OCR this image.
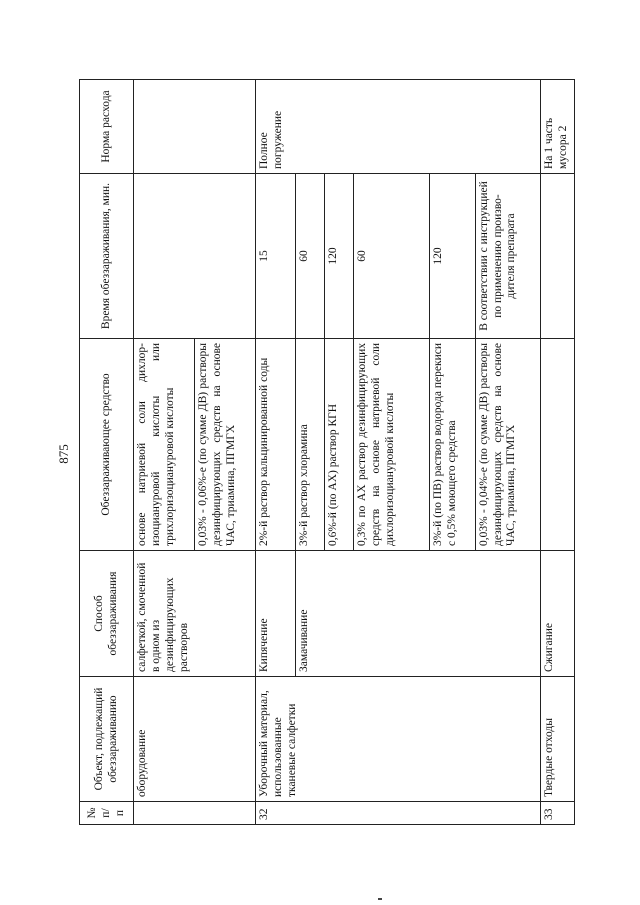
875
№ п/п	Объект, подлежащий обеззараживанию	Способ обеззараживания	Обеззараживающее средство	Время обеззараживания, мин.	Норма расхода
	оборудование	салфеткой, смоченной в одном из дезинфицирующих растворов	основе натриевой соли дихлор-изоциануровой кислоты или трихлоризоциануровой кислоты		
			0,03% - 0,06%-е (по сумме ДВ) растворы дезинфицирующих средств на основе ЧАС, триамина, ПГМГХ		
32	Уборочный материал, использованные тканевые салфетки	Кипячение	2%-й раствор кальцинированной соды	15	Полное погружение
		Замачивание	3%-й раствор хлорамина	60	
			0,6%-й (по АХ) раствор КГН	120	
			0,3% по АХ раствор дезинфицирующих средств на основе натриевой соли дихлоризоциануровой кислоты	60	
			3%-й (по ПВ) раствор водорода перекиси с 0,5% моющего средства	120	
			0,03% - 0,04%-е (по сумме ДВ) растворы дезинфицирующих средств на основе ЧАС, триамина, ПГМГХ	В соответствии с инструкцией по применению произво-дителя препарата	
33	Твердые отходы	Сжигание			На 1 часть мусора 2
